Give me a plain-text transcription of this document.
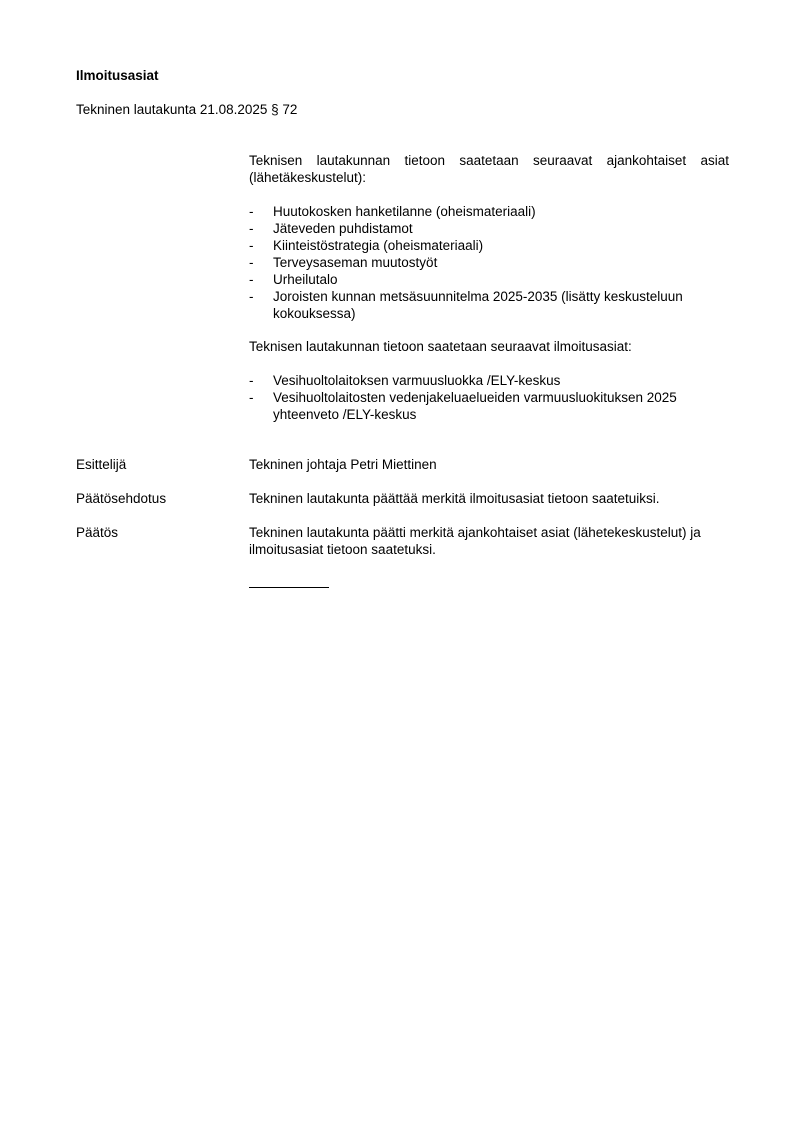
Ilmoitusasiat
Tekninen lautakunta 21.08.2025 § 72

Teknisen lautakunnan tietoon saatetaan seuraavat ajankohtaiset asiat (lähetäkeskustelut):

- Huutokosken hanketilanne (oheismateriaali)
- Jäteveden puhdistamot
- Kiinteistöstrategia (oheismateriaali)
- Terveysaseman muutostyöt
- Urheilutalo
- Joroisten kunnan metsäsuunnitelma 2025-2035 (lisätty keskusteluun kokouksessa)

Teknisen lautakunnan tietoon saatetaan seuraavat ilmoitusasiat:

- Vesihuoltolaitoksen varmuusluokka /ELY-keskus
- Vesihuoltolaitosten vedenjakeluaelueiden varmuusluokituksen 2025 yhteenveto /ELY-keskus
Esittelijä	Tekninen johtaja Petri Miettinen
Päätösehdotus	Tekninen lautakunta päättää merkitä ilmoitusasiat tietoon saatetuiksi.
Päätös	Tekninen lautakunta päätti merkitä ajankohtaiset asiat (lähetekeskustelut) ja ilmoitusasiat tietoon saatetuksi.
